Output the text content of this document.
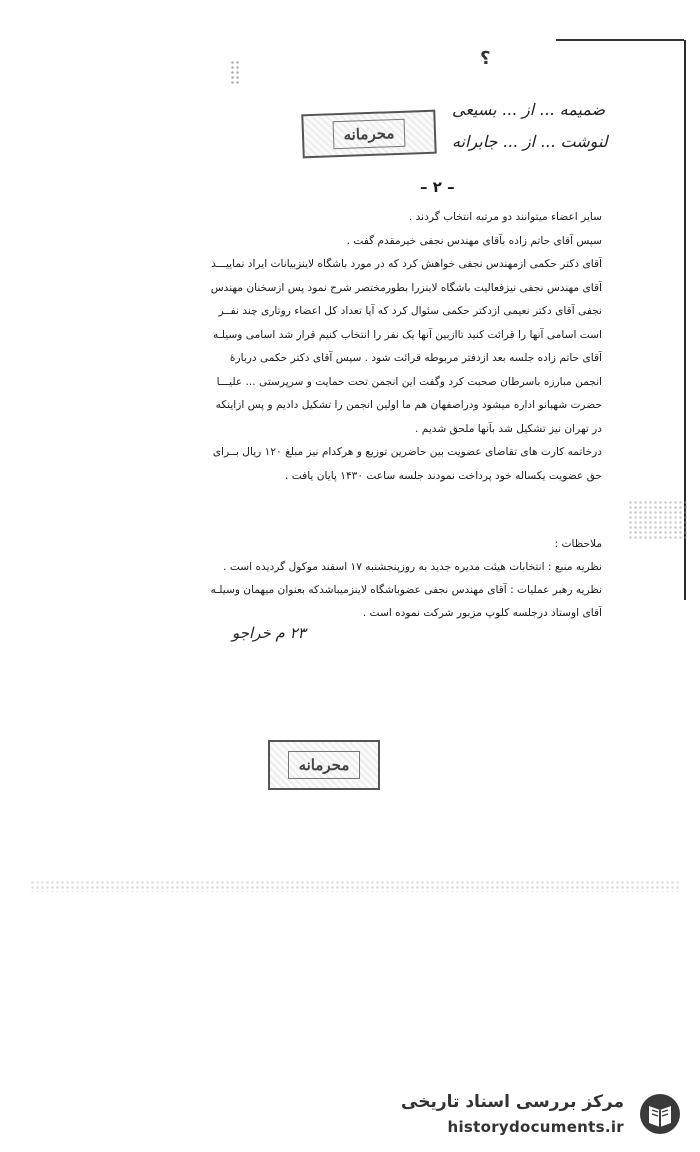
؟
محرمانه
ضمیمه ... از ... بسیعی
لنوشت ... از ... جابرانه
– ۲ –
سایر اعضاء میتوانند دو مرتبه انتخاب گردند .
سپس آقای حاتم زاده بآقای مهندس نجفی خیرمقدم گفت .
آقای دکتر حکمی ازمهندس نجفی خواهش کرد که در مورد باشگاه لاینزبیانات ایراد نماییـــد
آقای مهندس نجفی نیزفعالیت باشگاه لاینزرا بطورمختصر شرح نمود پس ازسخنان مهندس
نجفی آقای دکتر نعیمی ازدکتر حکمی سئوال کرد که آیا تعداد کل اعضاء روتاری چند نفــر
است اسامی آنها را قرائت کنید تاازبین آنها یک نفر را انتخاب کنیم قرار شد اسامی وسیلـه
آقای حاتم زاده جلسه بعد ازدفتر مربوطه قرائت شود . سپس آقای دکتر حکمی دربارهٔ
انجمن مبارزه باسرطان صحبت کرد وگفت این انجمن تحت حمایت و سرپرستی ... علیـــا
حضرت شهبانو اداره میشود ودراصفهان هم ما اولین انجمن را تشکیل دادیم و پس ازاینکه
در تهران نیز تشکیل شد بآنها ملحق شدیم .
درخاتمه کارت های تقاضای عضویت بین حاضرین توزیع و هرکدام نیز مبلغ ۱۲۰ ریال بــرای
حق عضویت یکساله خود پرداخت نمودند جلسه ساعت ۱۴۳۰ پایان یافت .
ملاحظات :
نظریه منبع : انتخابات هیئت مدیره جدید به روزپنجشنبه ۱۷ اسفند موکول گردیده است .
نظریه رهبر عملیات : آقای مهندس نجفی عضوباشگاه لاینزمیباشدکه بعنوان میهمان وسیلـه
آقای اوستاد درجلسه کلوپ مزبور شرکت نموده است .
۲۳ م خراجو
محرمانه
مرکز بررسی اسناد تاریخی
historydocuments.ir
